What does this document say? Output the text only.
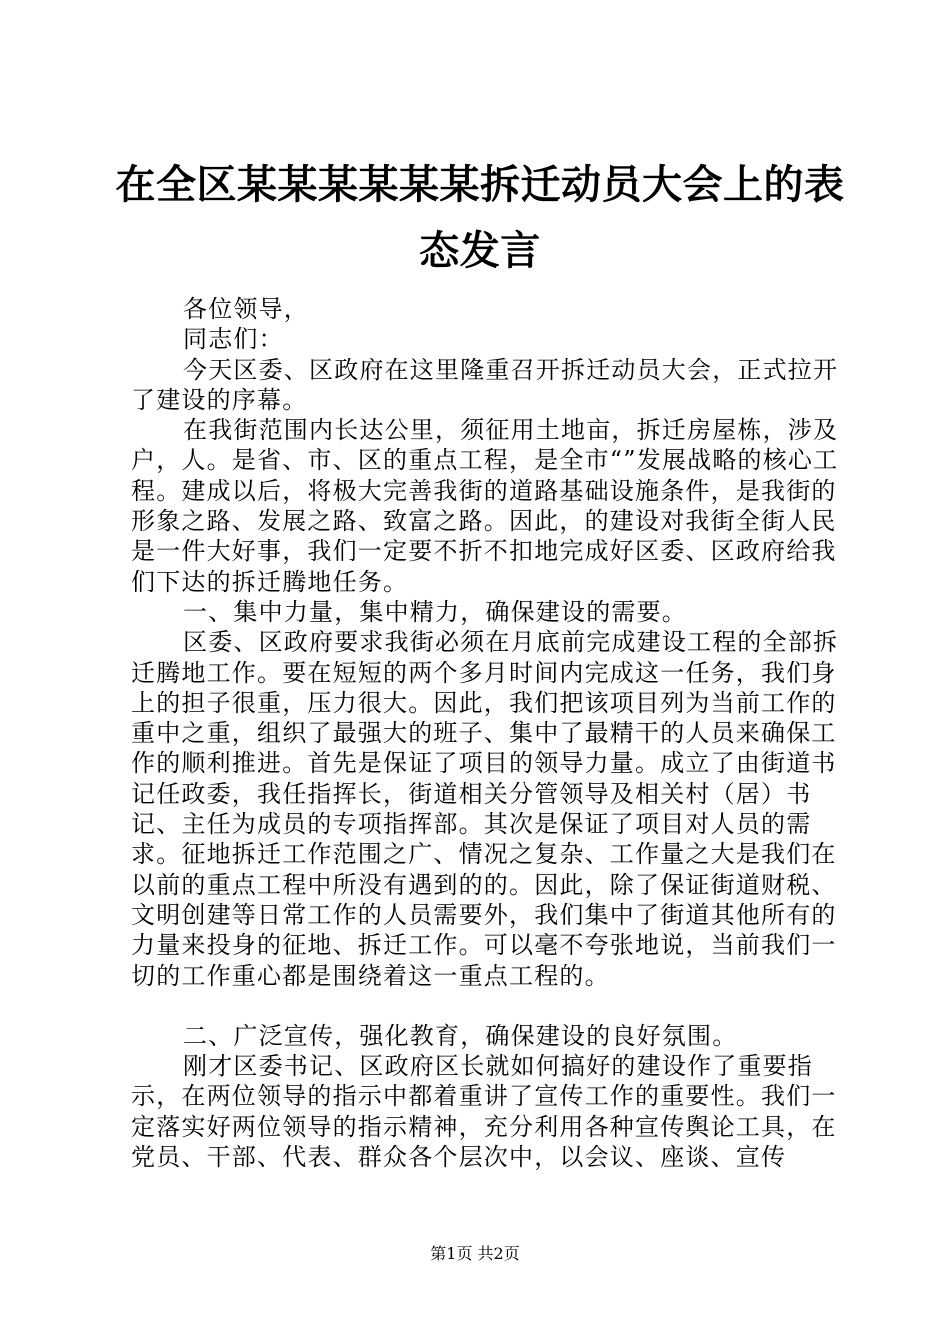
在全区某某某某某某拆迁动员大会上的表态发言

各位领导，

同志们：

今天区委、区政府在这里隆重召开拆迁动员大会，正式拉开了建设的序幕。

在我街范围内长达公里，须征用土地亩，拆迁房屋栋，涉及户，人。是省、市、区的重点工程，是全市“”发展战略的核心工程。建成以后，将极大完善我街的道路基础设施条件，是我街的形象之路、发展之路、致富之路。因此，的建设对我街全街人民是一件大好事，我们一定要不折不扣地完成好区委、区政府给我们下达的拆迁腾地任务。

一、集中力量，集中精力，确保建设的需要。

区委、区政府要求我街必须在月底前完成建设工程的全部拆迁腾地工作。要在短短的两个多月时间内完成这一任务，我们身上的担子很重，压力很大。因此，我们把该项目列为当前工作的重中之重，组织了最强大的班子、集中了最精干的人员来确保工作的顺利推进。首先是保证了项目的领导力量。成立了由街道书记任政委，我任指挥长，街道相关分管领导及相关村（居）书记、主任为成员的专项指挥部。其次是保证了项目对人员的需求。征地拆迁工作范围之广、情况之复杂、工作量之大是我们在以前的重点工程中所没有遇到的的。因此，除了保证街道财税、文明创建等日常工作的人员需要外，我们集中了街道其他所有的力量来投身的征地、拆迁工作。可以毫不夸张地说，当前我们一切的工作重心都是围绕着这一重点工程的。

二、广泛宣传，强化教育，确保建设的良好氛围。

刚才区委书记、区政府区长就如何搞好的建设作了重要指示，在两位领导的指示中都着重讲了宣传工作的重要性。我们一定落实好两位领导的指示精神，充分利用各种宣传舆论工具，在党员、干部、代表、群众各个层次中，以会议、座谈、宣传

第1页 共2页
